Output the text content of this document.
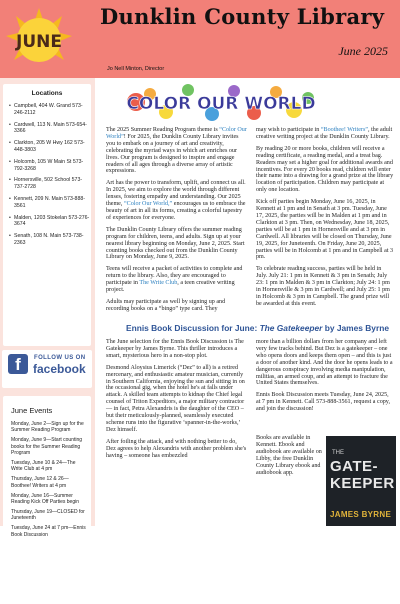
JUNE
Dunklin County Library
June 2025
Jo Nell Minton, Director
Locations
• Campbell, 404 W. Grand 573-246-2112
• Cardwell, 113 N. Main 573-654-3366
• Clarkton, 205 W Hwy 162 573-448-3803
• Holcomb, 105 W Main St 573-792-3268
• Hornersville, 502 School 573-737-2728
• Kennett, 209 N. Main 573-888-3561
• Malden, 1203 Stokelan 573-276-3674
• Senath, 108 N. Main 573-738-2363
f	FOLLOW US ON
facebook
June Events
Monday, June 2—Sign up for the Summer Reading Program
Monday, June 9—Start counting books for the Summer Reading Program
Tuesday, June 10 & 24—The Write Club at 4 pm
Thursday, June 12 & 26—Boothee! Writers at 4 pm
Monday, June 16—Summer Reading Kick Off Parties begin
Thursday, June 19—CLOSED for Juneteenth
Tuesday, June 24 at 7 pm—Ennis Book Discussion
COLOR OUR WORLD

The 2025 Summer Reading Program theme is “Color Our World”! For 2025, the Dunklin County Library invites you to embark on a journey of art and creativity, celebrating the myriad ways in which art enriches our lives. Our program is designed to inspire and engage readers of all ages through a diverse array of artistic expressions.

Art has the power to transform, uplift, and connect us all. In 2025, we aim to explore the world through different lenses, fostering empathy and understanding. Our 2025 theme, “Color Our World,” encourages us to embrace the beauty of art in all its forms, creating a colorful tapestry of experiences for everyone.

The Dunklin County Library offers the summer reading program for children, teens, and adults. Sign up at your nearest library beginning on Monday, June 2, 2025. Start counting books checked out from the Dunklin County Library on Monday, June 9, 2025.

Teens will receive a packet of activities to complete and return to the library. Also, they are encouraged to participate in The Write Club, a teen creative writing project.

Adults may participate as well by signing up and recording books on a “bingo” type card. They

may wish to participate in “Boothee! Writers”, the adult creative writing project at the Dunklin County Library.

By reading 20 or more books, children will receive a reading certificate, a reading medal, and a treat bag. Readers may set a higher goal for additional awards and incentives. For every 20 books read, children will enter their name into a drawing for a grand prize at the library location of participation. Children may participate at only one location.

Kick off parties begin Monday, June 16, 2025, in Kennett at 1 pm and in Senath at 3 pm. Tuesday, June 17, 2025, the parties will be in Malden at 1 pm and in Clarkton at 3 pm. Then, on Wednesday, June 18, 2025, parties will be at 1 pm in Hornersville and at 3 pm in Cardwell. All libraries will be closed on Thursday, June 19, 2025, for Juneteenth. On Friday, June 20, 2025, parties will be in Holcomb at 1 pm and in Campbell at 3 pm.

To celebrate reading success, parties will be held in July. July 21: 1 pm in Kennett & 3 pm in Senath; July 23: 1 pm in Malden & 3 pm in Clarkton; July 24: 1 pm in Hornersville & 3 pm in Cardwell; and July 25: 1 pm in Holcomb & 3 pm in Campbell. The grand prize will be awarded at this event.

Ennis Book Discussion for June: The Gatekeeper by James Byrne

The June selection for the Ennis Book Discussion is The Gatekeeper by James Byrne. This thriller introduces a smart, mysterious hero in a non-stop plot.

Desmond Aloysius Limerick (“Dez” to all) is a retired mercenary, and enthusiastic amateur musician, currently in Southern California, enjoying the sun and sitting in on the occasional gig, when the hotel he's at falls under attack. A skilled team attempts to kidnap the Chief legal counsel of Triton Expeditors, a major military contractor — in fact, Petra Alexandris is the daughter of the CEO – but their meticulously-planned, seamlessly executed scheme runs into the figurative ‘spanner-in-the-works,’ Dez himself.

After foiling the attack, and with nothing better to do, Dez agrees to help Alexandris with another problem she's having – someone has embezzled

more than a billion dollars from her company and left very few tracks behind. But Dez is a gatekeeper – one who opens doors and keeps them open – and this is just a door of another kind. And the door he opens leads to a dangerous conspiracy involving media manipulation, militias, an armed coup, and an attempt to fracture the United States themselves.

Ennis Book Discussion meets Tuesday, June 24, 2025, at 7 pm in Kennett. Call 573-888-3561, request a copy, and join the discussion!

Books are available in Kennett. Ebook and audiobook are available on Libby, the free Dunklin County Library ebook and audiobook app.

THE
GATE-KEEPER
JAMES BYRNE
